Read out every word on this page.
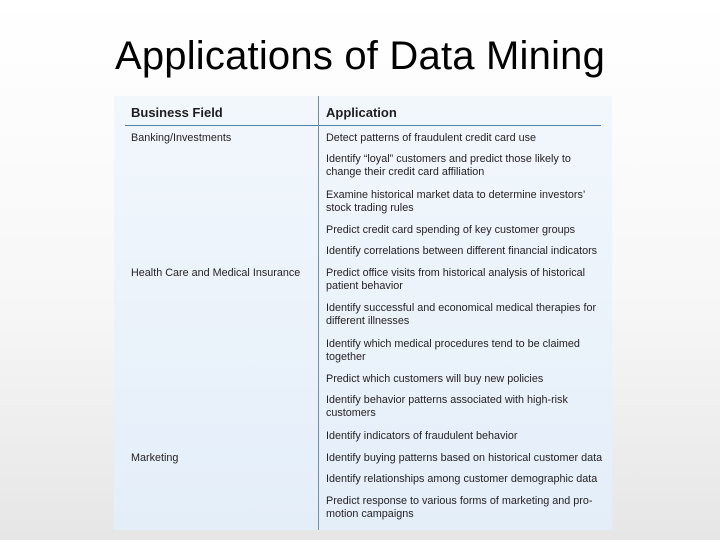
Applications of Data Mining
Business Field	Application
Banking/Investments
Health Care and Medical Insurance
Marketing
Detect patterns of fraudulent credit card use
Identify “loyal” customers and predict those likely to
change their credit card affiliation
Examine historical market data to determine investors’
stock trading rules
Predict credit card spending of key customer groups
Identify correlations between different financial indicators
Predict office visits from historical analysis of historical
patient behavior
Identify successful and economical medical therapies for
different illnesses
Identify which medical procedures tend to be claimed
together
Predict which customers will buy new policies
Identify behavior patterns associated with high-risk
customers
Identify indicators of fraudulent behavior
Identify buying patterns based on historical customer data
Identify relationships among customer demographic data
Predict response to various forms of marketing and pro-
motion campaigns
